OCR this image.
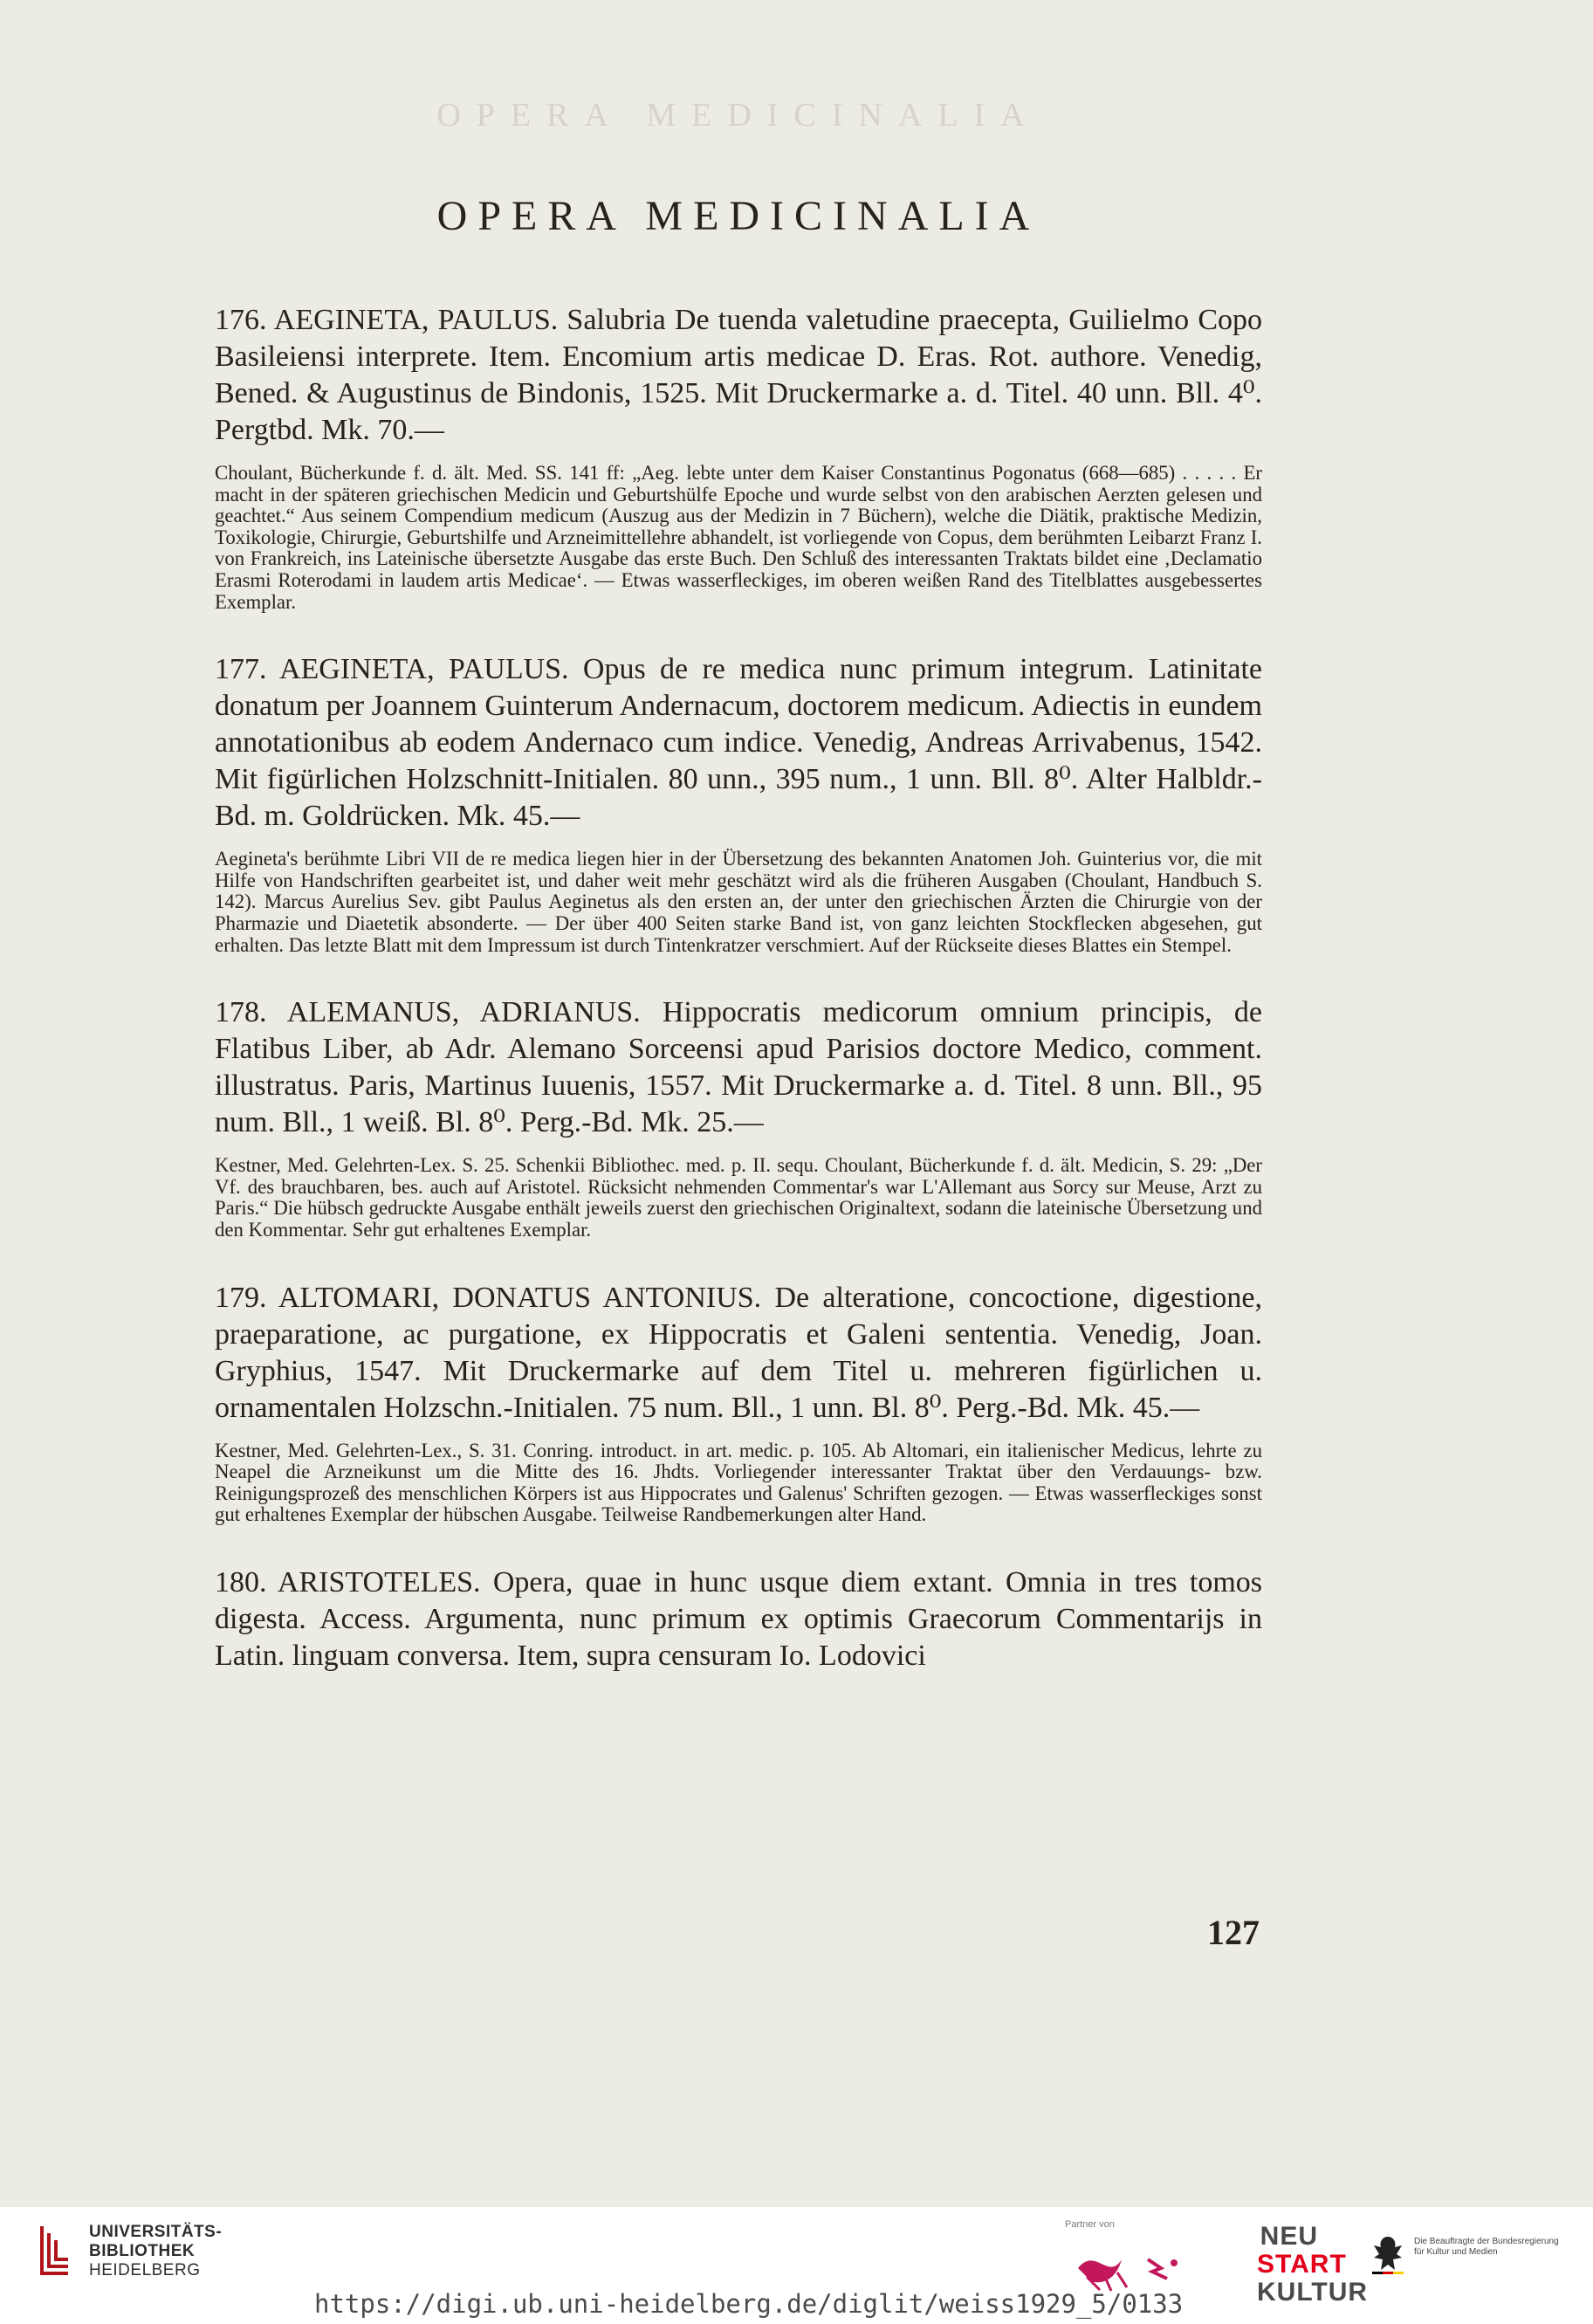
OPERA MEDICINALIA
OPERA MEDICINALIA

176. AEGINETA, PAULUS. Salubria De tuenda valetudine praecepta, Guilielmo Copo Basileiensi interprete. Item. Encomium artis medicae D. Eras. Rot. authore. Venedig, Bened. & Augustinus de Bindonis, 1525. Mit Druckermarke a. d. Titel. 40 unn. Bll. 4⁰. Pergtbd. Mk. 70.—

Choulant, Bücherkunde f. d. ält. Med. SS. 141 ff: „Aeg. lebte unter dem Kaiser Constantinus Pogonatus (668—685) . . . . . Er macht in der späteren griechischen Medicin und Geburtshülfe Epoche und wurde selbst von den arabischen Aerzten gelesen und geachtet.“ Aus seinem Compendium medicum (Auszug aus der Medizin in 7 Büchern), welche die Diätik, praktische Medizin, Toxikologie, Chirurgie, Geburtshilfe und Arzneimittellehre abhandelt, ist vorliegende von Copus, dem berühmten Leibarzt Franz I. von Frankreich, ins Lateinische übersetzte Ausgabe das erste Buch. Den Schluß des interessanten Traktats bildet eine ‚Declamatio Erasmi Roterodami in laudem artis Medicae‘. — Etwas wasserfleckiges, im oberen weißen Rand des Titelblattes ausgebessertes Exemplar.

177. AEGINETA, PAULUS. Opus de re medica nunc primum integrum. Latinitate donatum per Joannem Guinterum Andernacum, doctorem medicum. Adiectis in eundem annotationibus ab eodem Andernaco cum indice. Venedig, Andreas Arrivabenus, 1542. Mit figürlichen Holzschnitt-Initialen. 80 unn., 395 num., 1 unn. Bll. 8⁰. Alter Halbldr.-Bd. m. Goldrücken. Mk. 45.—

Aegineta's berühmte Libri VII de re medica liegen hier in der Übersetzung des bekannten Anatomen Joh. Guinterius vor, die mit Hilfe von Handschriften gearbeitet ist, und daher weit mehr geschätzt wird als die früheren Ausgaben (Choulant, Handbuch S. 142). Marcus Aurelius Sev. gibt Paulus Aeginetus als den ersten an, der unter den griechischen Ärzten die Chirurgie von der Pharmazie und Diaetetik absonderte. — Der über 400 Seiten starke Band ist, von ganz leichten Stockflecken abgesehen, gut erhalten. Das letzte Blatt mit dem Impressum ist durch Tintenkratzer verschmiert. Auf der Rückseite dieses Blattes ein Stempel.

178. ALEMANUS, ADRIANUS. Hippocratis medicorum omnium principis, de Flatibus Liber, ab Adr. Alemano Sorceensi apud Parisios doctore Medico, comment. illustratus. Paris, Martinus Iuuenis, 1557. Mit Druckermarke a. d. Titel. 8 unn. Bll., 95 num. Bll., 1 weiß. Bl. 8⁰. Perg.-Bd. Mk. 25.—

Kestner, Med. Gelehrten-Lex. S. 25. Schenkii Bibliothec. med. p. II. sequ. Choulant, Bücherkunde f. d. ält. Medicin, S. 29: „Der Vf. des brauchbaren, bes. auch auf Aristotel. Rücksicht nehmenden Commentar's war L'Allemant aus Sorcy sur Meuse, Arzt zu Paris.“ Die hübsch gedruckte Ausgabe enthält jeweils zuerst den griechischen Originaltext, sodann die lateinische Übersetzung und den Kommentar. Sehr gut erhaltenes Exemplar.

179. ALTOMARI, DONATUS ANTONIUS. De alteratione, concoctione, digestione, praeparatione, ac purgatione, ex Hippocratis et Galeni sententia. Venedig, Joan. Gryphius, 1547. Mit Druckermarke auf dem Titel u. mehreren figürlichen u. ornamentalen Holzschn.-Initialen. 75 num. Bll., 1 unn. Bl. 8⁰. Perg.-Bd. Mk. 45.—

Kestner, Med. Gelehrten-Lex., S. 31. Conring. introduct. in art. medic. p. 105. Ab Altomari, ein italienischer Medicus, lehrte zu Neapel die Arzneikunst um die Mitte des 16. Jhdts. Vorliegender interessanter Traktat über den Verdauungs- bzw. Reinigungsprozeß des menschlichen Körpers ist aus Hippocrates und Galenus' Schriften gezogen. — Etwas wasserfleckiges sonst gut erhaltenes Exemplar der hübschen Ausgabe. Teilweise Randbemerkungen alter Hand.

180. ARISTOTELES. Opera, quae in hunc usque diem extant. Omnia in tres tomos digesta. Access. Argumenta, nunc primum ex optimis Graecorum Commentarijs in Latin. linguam conversa. Item, supra censuram Io. Lodovici

127
UNIVERSITÄTS-
BIBLIOTHEK
HEIDELBERG
https://digi.ub.uni-heidelberg.de/diglit/weiss1929_5/0133
Partner von	NEU
START
KULTUR
Die Beauftragte der Bundesregierung
für Kultur und Medien
